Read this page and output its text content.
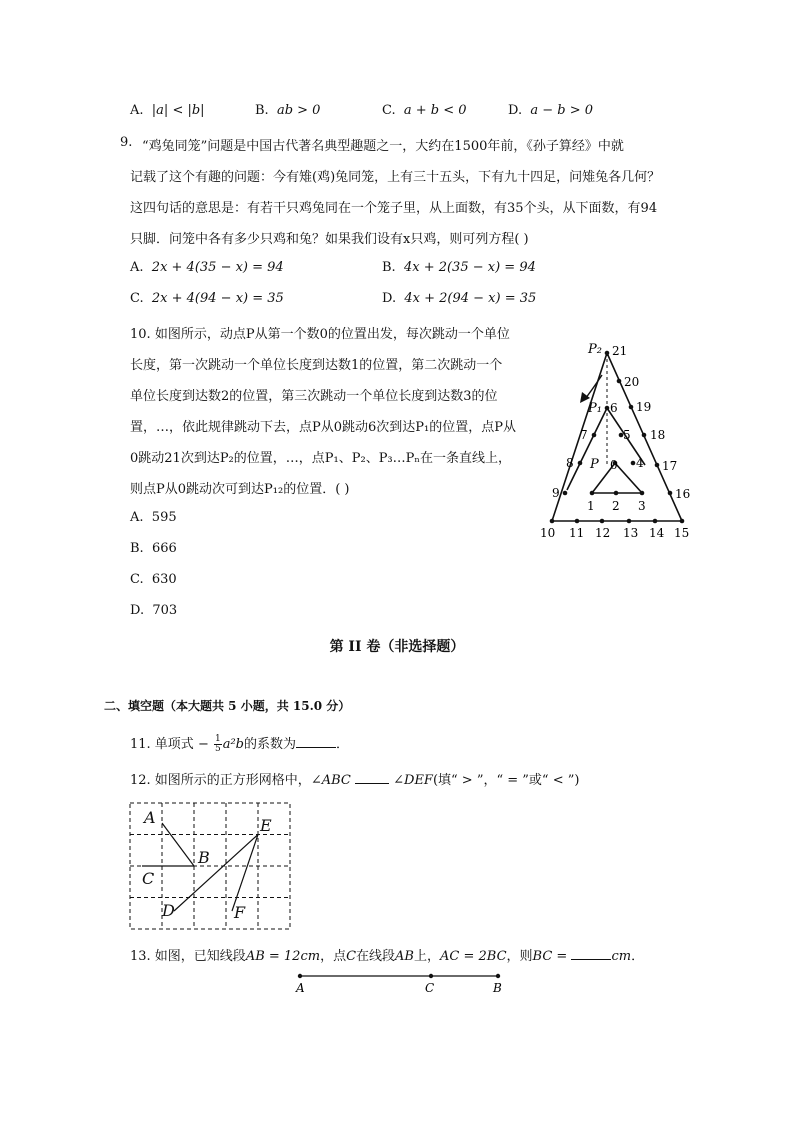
A. |a| < |b|	B. ab > 0	C. a + b < 0	D. a − b > 0
9. “鸡兔同笼”问题是中国古代著名典型趣题之一，大约在1500年前，《孙子算经》中就
记载了这个有趣的问题：今有雉(鸡)兔同笼，上有三十五头，下有九十四足，问雉兔各几何？
这四句话的意思是：有若干只鸡兔同在一个笼子里，从上面数，有35个头，从下面数，有94
只脚．问笼中各有多少只鸡和兔？如果我们设有x只鸡，则可列方程( )
A. 2x + 4(35 − x) = 94	B. 4x + 2(35 − x) = 94
C. 2x + 4(94 − x) = 35	D. 4x + 2(94 − x) = 35
10. 如图所示，动点P从第一个数0的位置出发，每次跳动一个单位
长度，第一次跳动一个单位长度到达数1的位置，第二次跳动一个
单位长度到达数2的位置，第三次跳动一个单位长度到达数3的位
置，…，依此规律跳动下去，点P从0跳动6次到达P₁的位置，点P从
0跳动21次到达P₂的位置，…，点P₁、P₂、P₃…Pₙ在一条直线上，
则点P从0跳动次可到达P₁₂的位置．( )
A. 595
B. 666
C. 630
D. 703
P₂
P₁
P 0
1 2 3
4
5
6
7
8
9
10 11 12 13 14 15
16
17
18
19
20
21
第 II 卷（非选择题）
二、填空题（本大题共 5 小题，共 15.0 分）
11. 单项式 − $\frac{1}{5} a^2b$的系数为	．
12. 如图所示的正方形网格中，∠ABC	∠DEF(填“ > ”，“ = ”或“ < ”)
A
B
C
D
E
F
13. 如图，已知线段AB = 12cm，点C在线段AB上，AC = 2BC，则BC =	cm．
A	C	B
